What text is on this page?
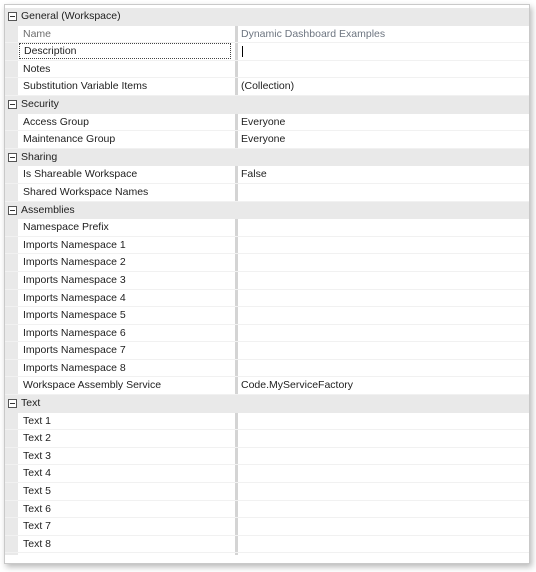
General (Workspace)
Name	Dynamic Dashboard Examples
Description
Notes
Substitution Variable Items	(Collection)
Security
Access Group	Everyone
Maintenance Group	Everyone
Sharing
Is Shareable Workspace	False
Shared Workspace Names
Assemblies
Namespace Prefix
Imports Namespace 1
Imports Namespace 2
Imports Namespace 3
Imports Namespace 4
Imports Namespace 5
Imports Namespace 6
Imports Namespace 7
Imports Namespace 8
Workspace Assembly Service	Code.MyServiceFactory
Text
Text 1
Text 2
Text 3
Text 4
Text 5
Text 6
Text 7
Text 8
